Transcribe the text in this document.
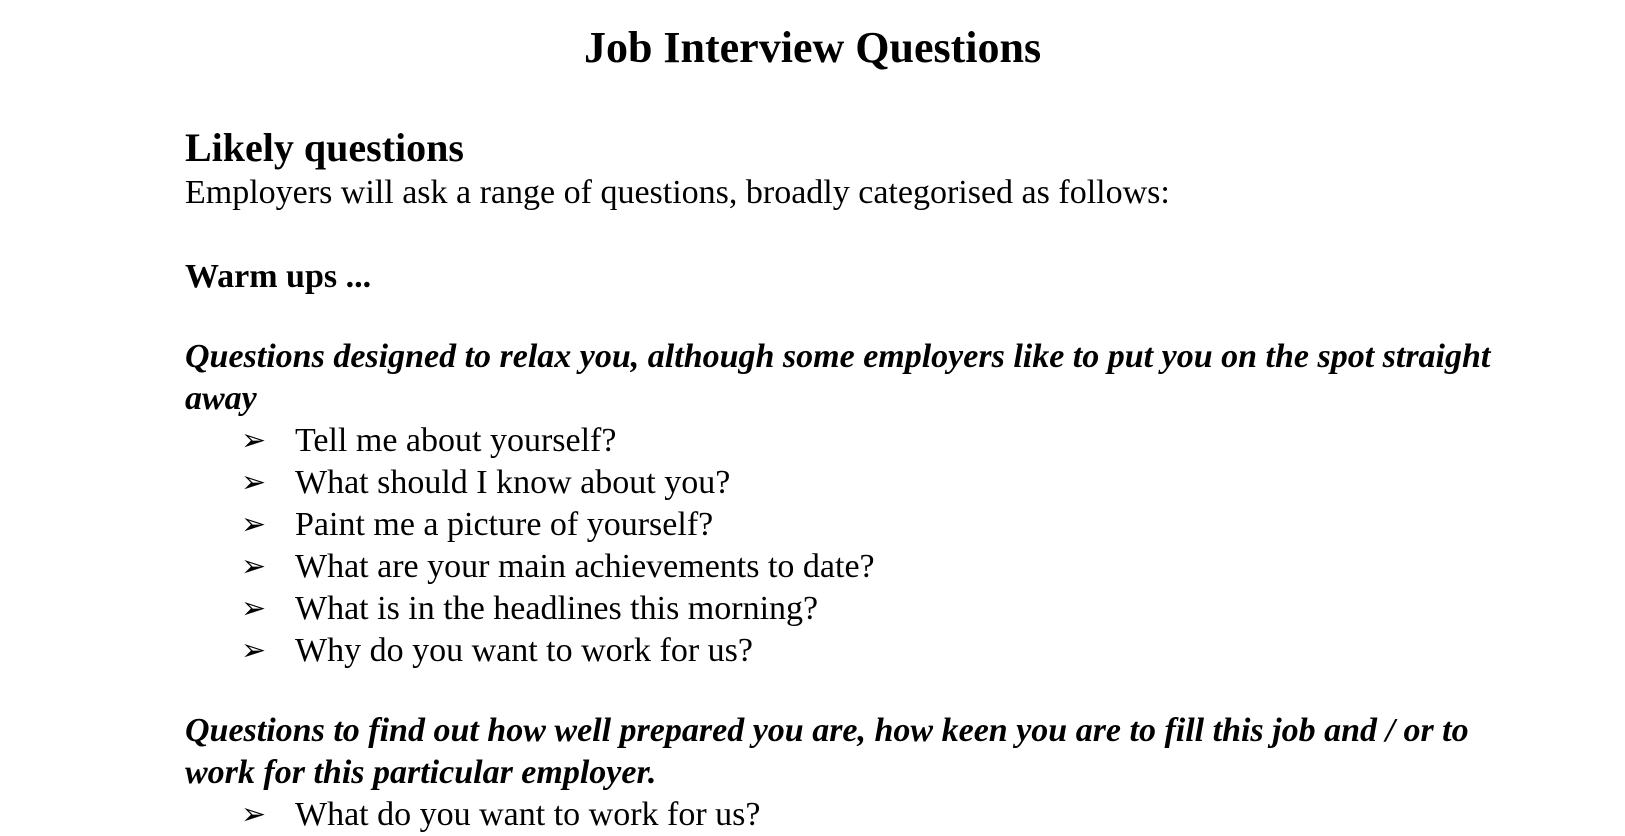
Job Interview Questions
Likely questions

Employers will ask a range of questions, broadly categorised as follows:

Warm ups ...

Questions designed to relax you, although some employers like to put you on the spot straight away

➢ Tell me about yourself?
➢ What should I know about you?
➢ Paint me a picture of yourself?
➢ What are your main achievements to date?
➢ What is in the headlines this morning?
➢ Why do you want to work for us?

Questions to find out how well prepared you are, how keen you are to fill this job and / or to work for this particular employer.

➢ What do you want to work for us?
